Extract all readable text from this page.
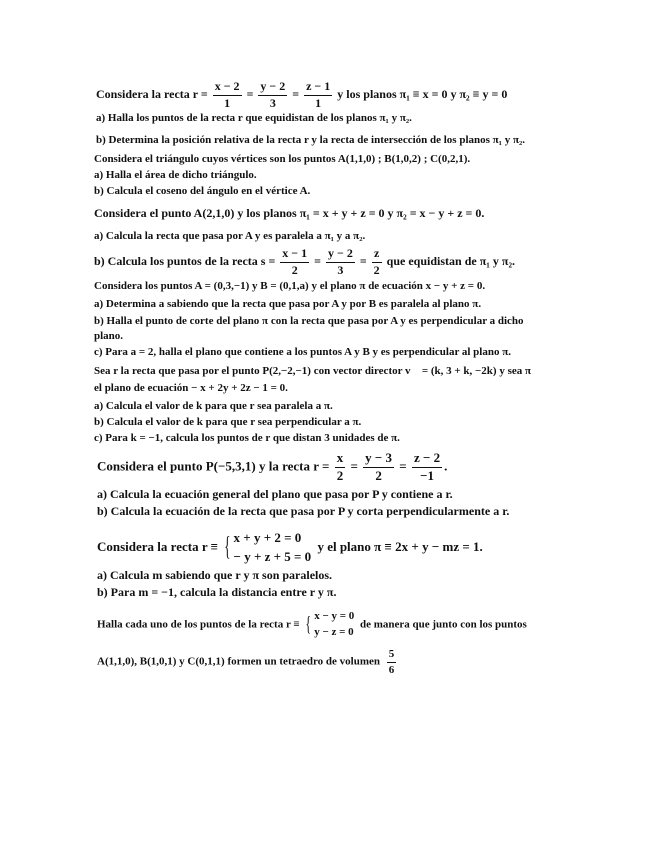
Considera la recta $r = \frac{x - 2}{1} = \frac{y - 2}{3} = \frac{z - 1}{1}$ y los planos π₁ ≡ x = 0 y π₂ ≡ y = 0
a) Halla los puntos de la recta r que equidistan de los planos π₁ y π₂.
b) Determina la posición relativa de la recta r y la recta de intersección de los planos π₁ y π₂.
Considera el triángulo cuyos vértices son los puntos A(1,1,0) ; B(1,0,2) ; C(0,2,1).
a) Halla el área de dicho triángulo.
b) Calcula el coseno del ángulo en el vértice A.
Considera el punto A(2,1,0) y los planos π₁ = x + y + z = 0 y π₂ = x − y + z = 0.
a) Calcula la recta que pasa por A y es paralela a π₁ y a π₂.
b) Calcula los puntos de la recta $s = \frac{x - 1}{2} = \frac{y - 2}{3} = \frac{z}{2}$ que equidistan de π₁ y π₂.
Considera los puntos A = (0,3,−1) y B = (0,1,a) y el plano π de ecuación x − y + z = 0.
a) Determina a sabiendo que la recta que pasa por A y por B es paralela al plano π.
b) Halla el punto de corte del plano π con la recta que pasa por A y es perpendicular a dicho
plano.
c) Para a = 2, halla el plano que contiene a los puntos A y B y es perpendicular al plano π.
Sea r la recta que pasa por el punto P(2,−2,−1) con vector director v⃗ = (k, 3 + k, −2k) y sea π
el plano de ecuación − x + 2y + 2z − 1 = 0.
a) Calcula el valor de k para que r sea paralela a π.
b) Calcula el valor de k para que r sea perpendicular a π.
c) Para k = −1, calcula los puntos de r que distan 3 unidades de π.
Considera el punto P(−5,3,1) y la recta $r = \frac{x}{2} = \frac{y - 3}{2} = \frac{z - 2}{-1}$ .
a) Calcula la ecuación general del plano que pasa por P y contiene a r.
b) Calcula la ecuación de la recta que pasa por P y corta perpendicularmente a r.
Considera la recta r ≡ { x + y + 2 = 0
− y + z + 5 = 0
y el plano π ≡ 2x + y − mz = 1.
a) Calcula m sabiendo que r y π son paralelos.
b) Para m = −1, calcula la distancia entre r y π.
Halla cada uno de los puntos de la recta r ≡ { x − y = 0
y − z = 0
de manera que junto con los puntos
A(1,1,0), B(1,0,1) y C(0,1,1) formen un tetraedro de volumen $\frac{5}{6}$
